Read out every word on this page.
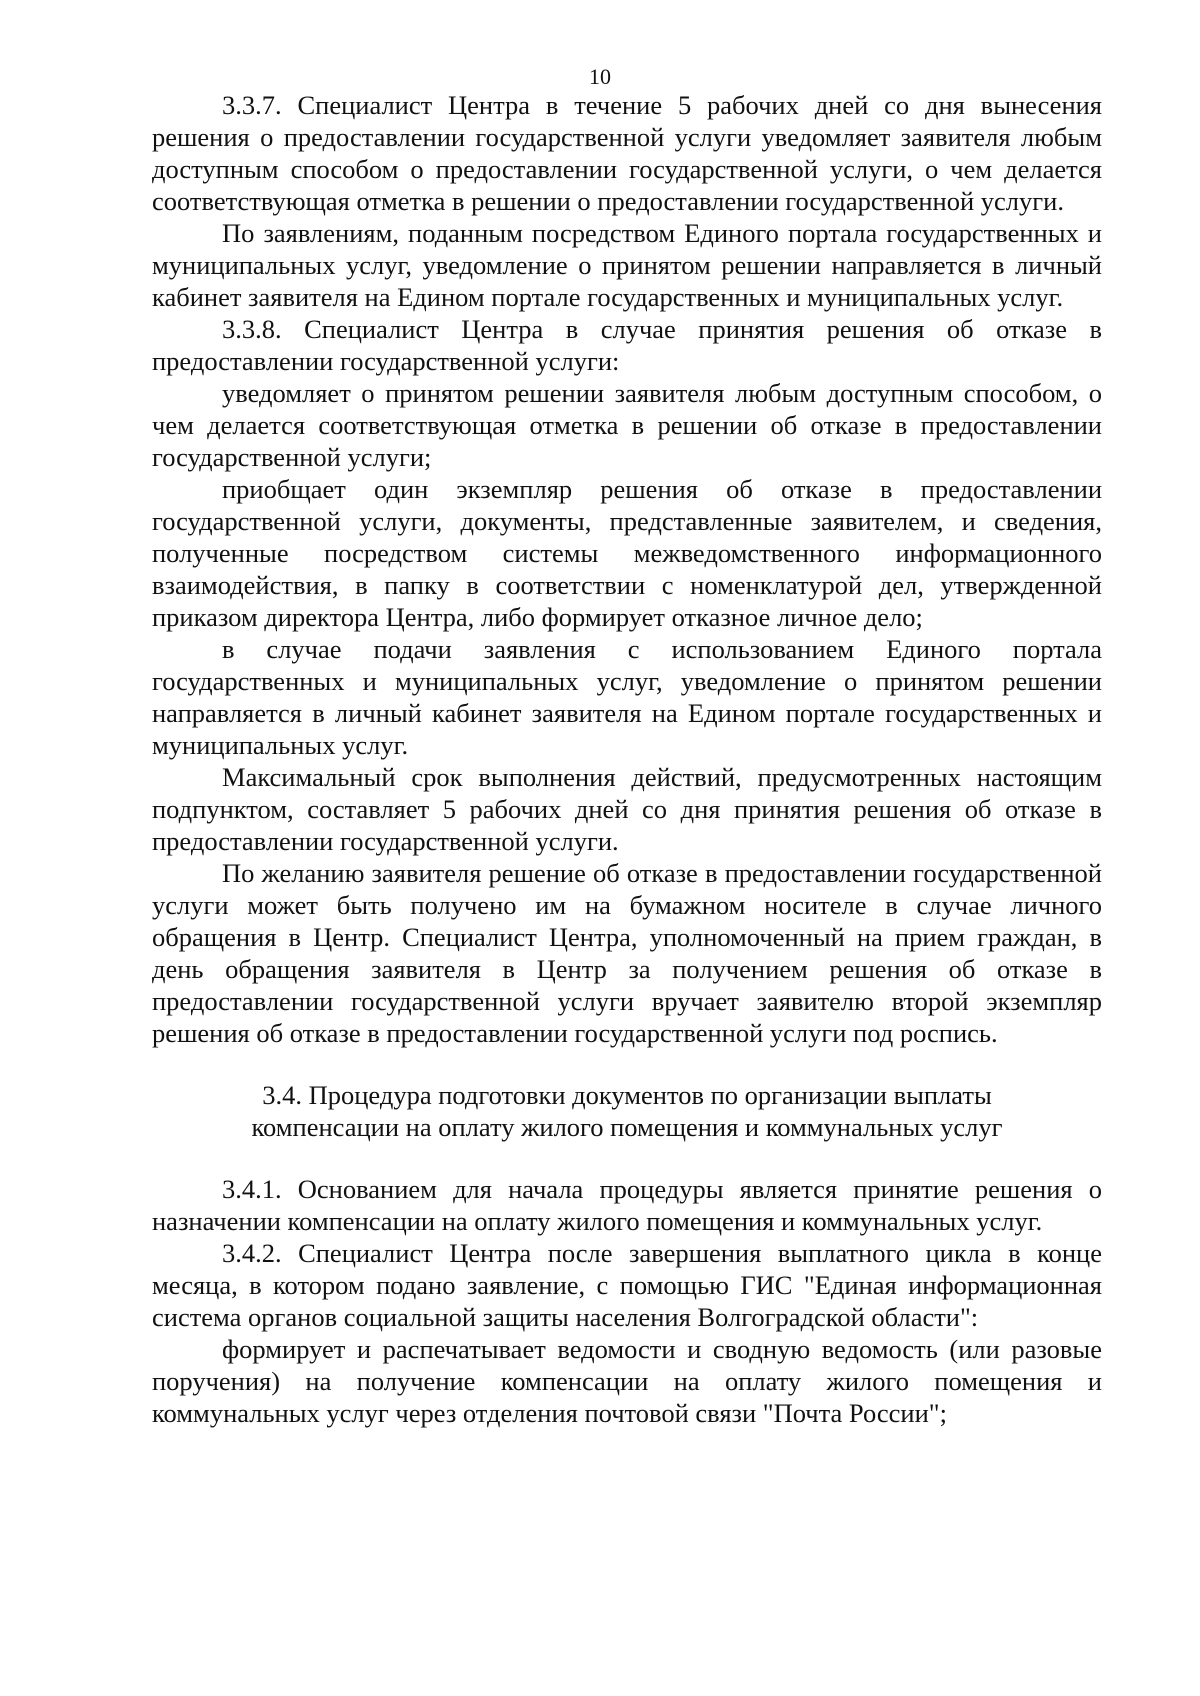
10

3.3.7. Специалист Центра в течение 5 рабочих дней со дня вынесения решения о предоставлении государственной услуги уведомляет заявителя любым доступным способом о предоставлении государственной услуги, о чем делается соответствующая отметка в решении о предоставлении государственной услуги.

По заявлениям, поданным посредством Единого портала государственных и муниципальных услуг, уведомление о принятом решении направляется в личный кабинет заявителя на Едином портале государственных и муниципальных услуг.

3.3.8. Специалист Центра в случае принятия решения об отказе в предоставлении государственной услуги:

уведомляет о принятом решении заявителя любым доступным способом, о чем делается соответствующая отметка в решении об отказе в предоставлении государственной услуги;

приобщает один экземпляр решения об отказе в предоставлении государственной услуги, документы, представленные заявителем, и сведения, полученные посредством системы межведомственного информационного взаимодействия, в папку в соответствии с номенклатурой дел, утвержденной приказом директора Центра, либо формирует отказное личное дело;

в случае подачи заявления с использованием Единого портала государственных и муниципальных услуг, уведомление о принятом решении направляется в личный кабинет заявителя на Едином портале государственных и муниципальных услуг.

Максимальный срок выполнения действий, предусмотренных настоящим подпунктом, составляет 5 рабочих дней со дня принятия решения об отказе в предоставлении государственной услуги.

По желанию заявителя решение об отказе в предоставлении государственной услуги может быть получено им на бумажном носителе в случае личного обращения в Центр. Специалист Центра, уполномоченный на прием граждан, в день обращения заявителя в Центр за получением решения об отказе в предоставлении государственной услуги вручает заявителю второй экземпляр решения об отказе в предоставлении государственной услуги под роспись.

3.4. Процедура подготовки документов по организации выплаты
компенсации на оплату жилого помещения и коммунальных услуг

3.4.1. Основанием для начала процедуры является принятие решения о назначении компенсации на оплату жилого помещения и коммунальных услуг.

3.4.2. Специалист Центра после завершения выплатного цикла в конце месяца, в котором подано заявление, с помощью ГИС "Единая информационная система органов социальной защиты населения Волгоградской области":

формирует и распечатывает ведомости и сводную ведомость (или разовые поручения) на получение компенсации на оплату жилого помещения и коммунальных услуг через отделения почтовой связи "Почта России";
